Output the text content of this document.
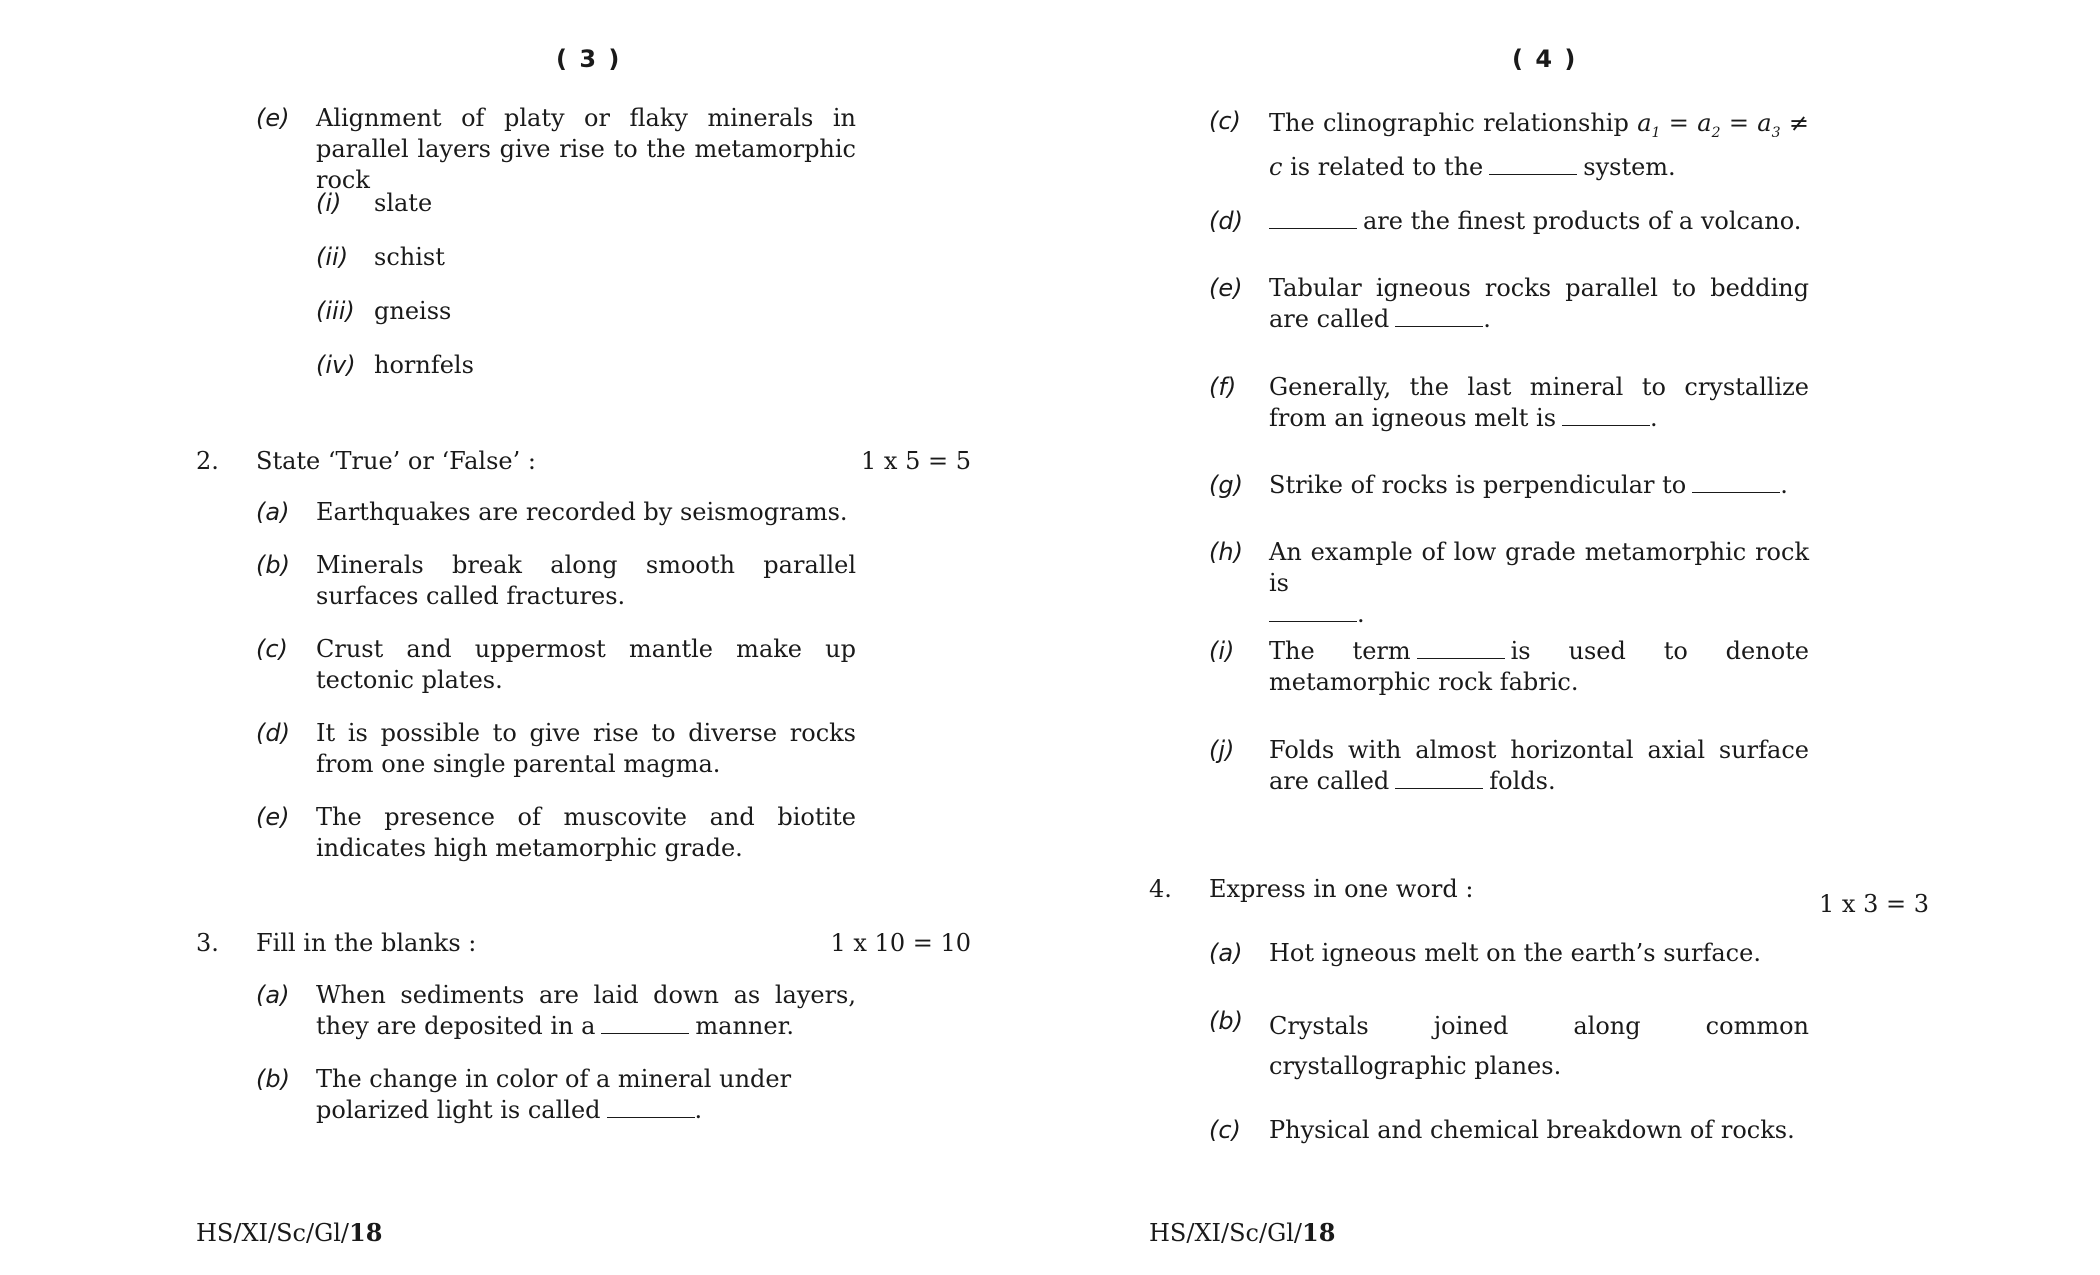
( 3 )
(e) Alignment of platy or flaky minerals in parallel layers give rise to the metamorphic rock
(i) slate
(ii) schist
(iii) gneiss
(iv) hornfels
2. State ‘True’ or ‘False’ :	1 x 5 = 5
(a) Earthquakes are recorded by seismograms.
(b) Minerals break along smooth parallel surfaces called fractures.
(c) Crust and uppermost mantle make up tectonic plates.
(d) It is possible to give rise to diverse rocks from one single parental magma.
(e) The presence of muscovite and biotite indicates high metamorphic grade.
3. Fill in the blanks :	1 x 10 = 10
(a) When sediments are laid down as layers, they are deposited in a	manner.
(b) The change in color of a mineral under polarized light is called	.
HS/XI/Sc/Gl/18
( 4 )
(c) The clinographic relationship $a_1 = a_2 = a_3 \ne c$ is related to the	system.
(d)	are the finest products of a volcano.
(e) Tabular igneous rocks parallel to bedding are called	.
(f) Generally, the last mineral to crystallize from an igneous melt is	.
(g) Strike of rocks is perpendicular to	.
(h) An example of low grade metamorphic rock is
.
(i) The term	is used to denote metamorphic rock fabric.
(j) Folds with almost horizontal axial surface are called	folds.
4. Express in one word :
1 x 3 = 3
(a) Hot igneous melt on the earth’s surface.
(b) Crystals joined along common crystallographic planes.
(c) Physical and chemical breakdown of rocks.
HS/XI/Sc/Gl/18
